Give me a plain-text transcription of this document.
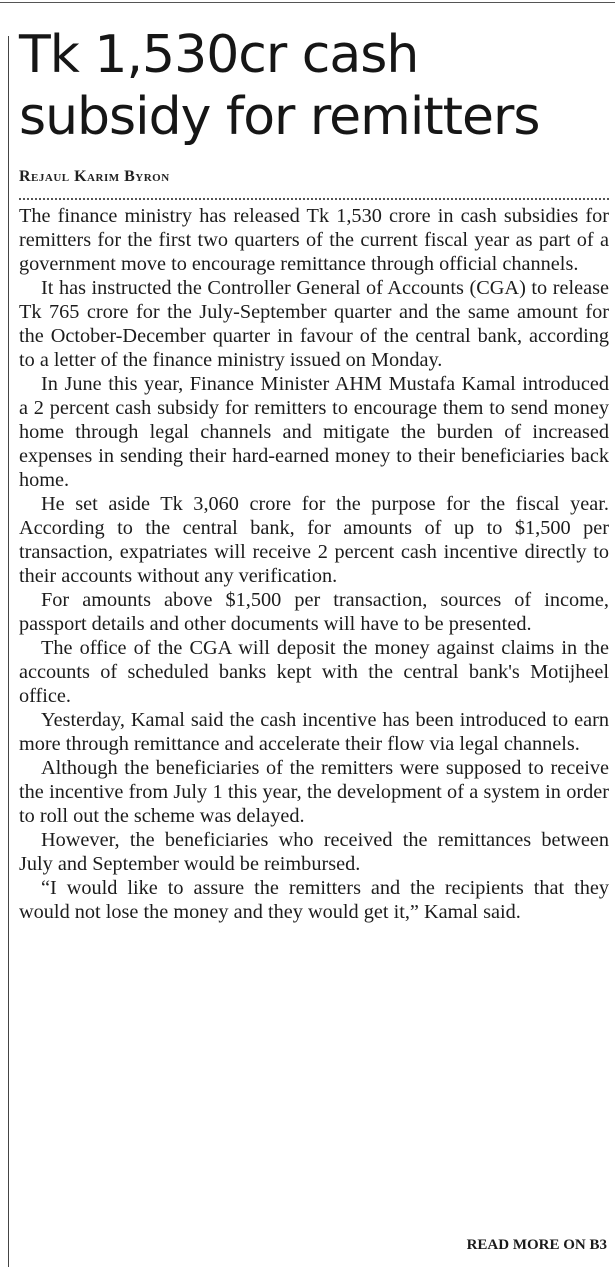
Tk 1,530cr cash
subsidy for remitters
Rejaul Karim Byron

The finance ministry has released Tk 1,530 crore in cash subsidies for remitters for the first two quarters of the current fiscal year as part of a government move to encourage remittance through official channels.

It has instructed the Controller General of Accounts (CGA) to release Tk 765 crore for the July-September quarter and the same amount for the October-December quarter in favour of the central bank, according to a letter of the finance ministry issued on Monday.

In June this year, Finance Minister AHM Mustafa Kamal introduced a 2 percent cash subsidy for remitters to encourage them to send money home through legal channels and mitigate the burden of increased expenses in sending their hard-earned money to their beneficiaries back home.

He set aside Tk 3,060 crore for the purpose for the fiscal year. According to the central bank, for amounts of up to $1,500 per transaction, expatriates will receive 2 percent cash incentive directly to their accounts without any verification.

For amounts above $1,500 per transaction, sources of income, passport details and other documents will have to be presented.

The office of the CGA will deposit the money against claims in the accounts of scheduled banks kept with the central bank's Motijheel office.

Yesterday, Kamal said the cash incentive has been introduced to earn more through remittance and accelerate their flow via legal channels.

Although the beneficiaries of the remitters were supposed to receive the incentive from July 1 this year, the development of a system in order to roll out the scheme was delayed.

However, the beneficiaries who received the remittances between July and September would be reimbursed.

“I would like to assure the remitters and the recipients that they would not lose the money and they would get it,” Kamal said.

READ MORE ON B3
